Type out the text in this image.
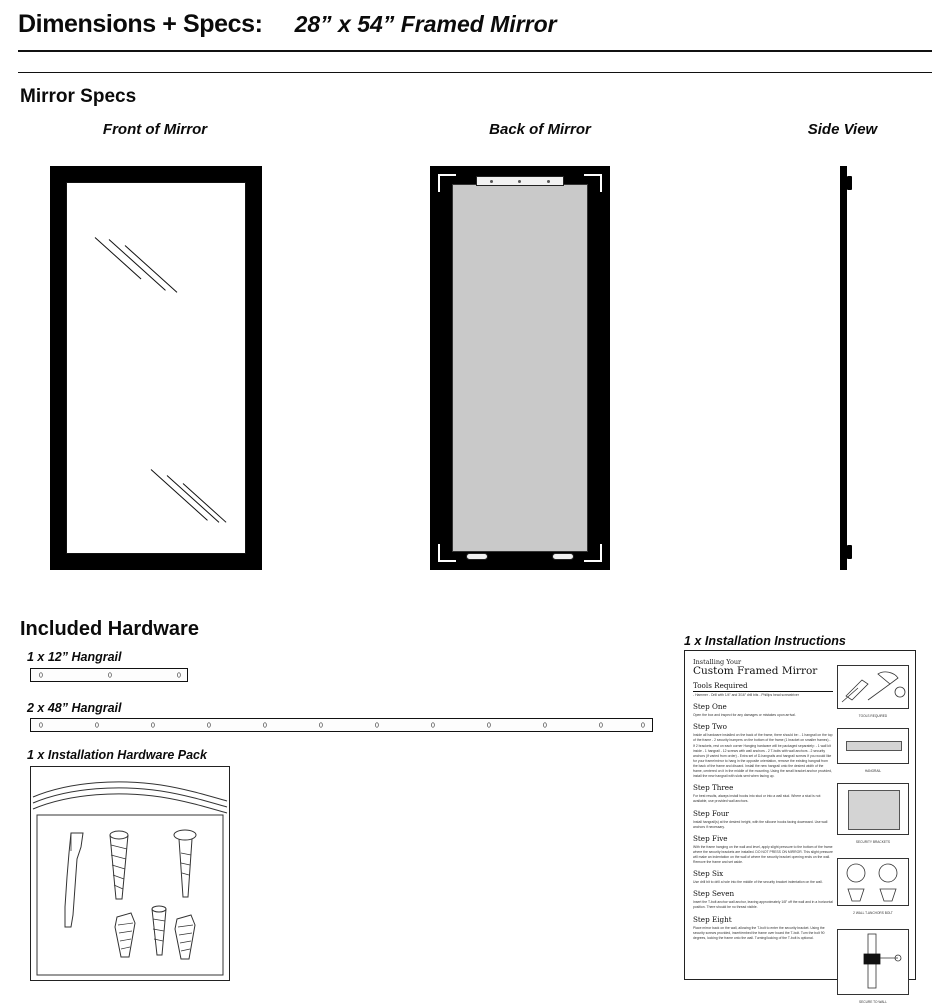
Dimensions + Specs: 28” x 54” Framed Mirror
Mirror Specs
Front of Mirror	Back of Mirror	Side View
Included Hardware
1 x 12” Hangrail
0	0	0
2 x 48” Hangrail
0	0	0	0	0	0	0	0	0	0	0	0
1 x Installation Hardware Pack
1 x Installation Instructions
Installing Your
Custom Framed Mirror
Tools Required
- Hammer - Drill with 1/4” and 3/16” drill bits - Phillips head screwdriver
Step One
Open the box and inspect for any damages or mistakes upon arrival.
Step Two
Inside all hardware installed on the back of the frame, there should be: - 1 hangrail on the top of the frame - 2 security bumpers on the bottom of the frame (1 bracket on smaller frames) - If 2 brackets, rest on each corner Hanging hardware will be packaged separately: - 1 wall kit inside - 1 hangrail - 12 screws with wall anchors - 2 T-bolts with wall anchors - 2 security anchors (if varied from order) - Extra set of D-hangrails and hangrail screws If you would like for your frame/mirror to hang in the opposite orientation, remove the existing hangrail from the back of the frame and discard. Install the new hangrail onto the desired width of the frame, centered on it in the middle of the mounting. Using the small bracket anchor provided, install the new hangrail with slots sent when facing up.
Step Three
For best results, always install hooks into stud or into a wall stud. Where a stud is not available, use provided wall anchors.
Step Four
Install hangrail(s) at the desired height, with the silicone hooks facing downward. Use wall anchors if necessary.
Step Five
With the frame hanging on the wall and level, apply slight pressure to the bottom of the frame where the security brackets are installed. DO NOT PRESS ON MIRROR. This slight pressure will make an indentation on the wall of where the security bracket opening ends on the wall. Remove the frame and set aside.
Step Six
Use drill bit to drill a hole into the middle of the security bracket indentation on the wall.
Step Seven
Insert the T-bolt anchor wall anchor, leaving approximately 1/8” off the wall and in a horizontal position. There should be no thread visible.
Step Eight
Place mirror back on the wall, allowing the T-bolt to enter the security bracket. Using the security screws provided, insert/embed the frame over board the T-bolt. Turn the bolt 90 degrees, locking the frame onto the wall. Turning/locking of the T-bolt is optional.
TOOLS REQUIRED
HANGRAIL
SECURITY BRACKETS
2 WALL T-ANCHORS BOLT
SECURE TO WALL
